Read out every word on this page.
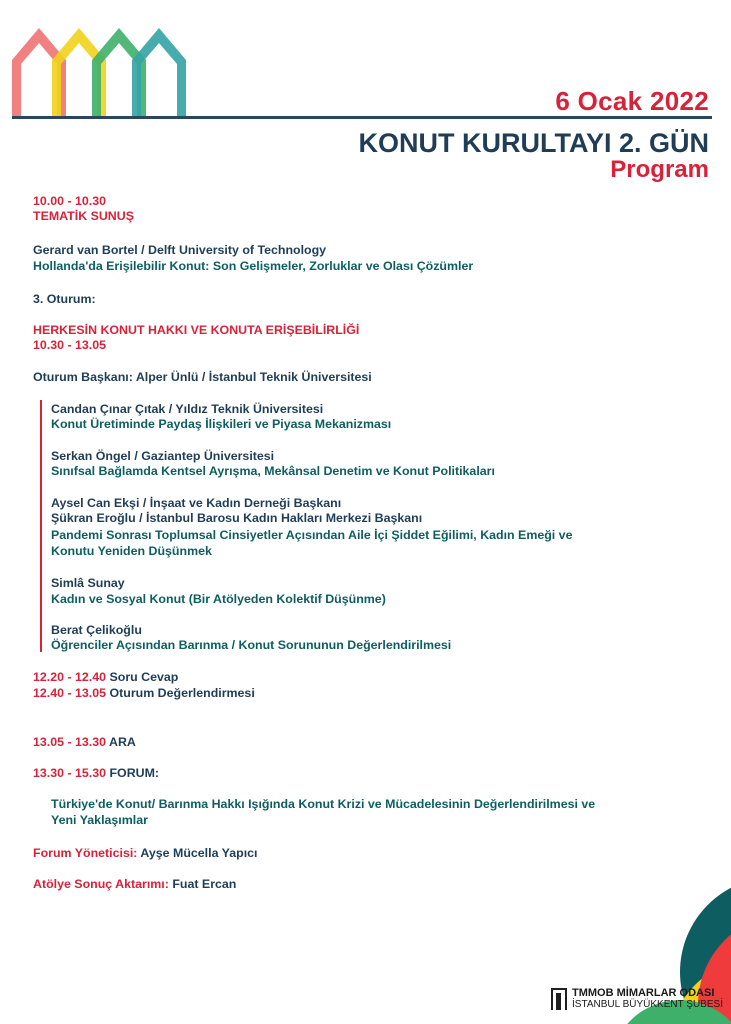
6 Ocak 2022
KONUT KURULTAYI 2. GÜN
Program
10.00 - 10.30
TEMATİK SUNUŞ
Gerard van Bortel / Delft University of Technology
Hollanda'da Erişilebilir Konut: Son Gelişmeler, Zorluklar ve Olası Çözümler
3. Oturum:
HERKESİN KONUT HAKKI VE KONUTA ERİŞEBİLİRLİĞİ
10.30 - 13.05
Oturum Başkanı: Alper Ünlü / İstanbul Teknik Üniversitesi
Candan Çınar Çıtak / Yıldız Teknik Üniversitesi
Konut Üretiminde Paydaş İlişkileri ve Piyasa Mekanizması
Serkan Öngel / Gaziantep Üniversitesi
Sınıfsal Bağlamda Kentsel Ayrışma, Mekânsal Denetim ve Konut Politikaları
Aysel Can Ekşi / İnşaat ve Kadın Derneği Başkanı
Şükran Eroğlu / İstanbul Barosu Kadın Hakları Merkezi Başkanı
Pandemi Sonrası Toplumsal Cinsiyetler Açısından Aile İçi Şiddet Eğilimi, Kadın Emeği ve
Konutu Yeniden Düşünmek
Simlâ Sunay
Kadın ve Sosyal Konut (Bir Atölyeden Kolektif Düşünme)
Berat Çelikoğlu
Öğrenciler Açısından Barınma / Konut Sorununun Değerlendirilmesi
12.20 - 12.40 Soru Cevap
12.40 - 13.05 Oturum Değerlendirmesi
13.05 - 13.30 ARA
13.30 - 15.30 FORUM:
Türkiye'de Konut/ Barınma Hakkı Işığında Konut Krizi ve Mücadelesinin Değerlendirilmesi ve
Yeni Yaklaşımlar
Forum Yöneticisi: Ayşe Mücella Yapıcı
Atölye Sonuç Aktarımı: Fuat Ercan
TMMOB MİMARLAR ODASI
İSTANBUL BÜYÜKKENT ŞUBESİ
